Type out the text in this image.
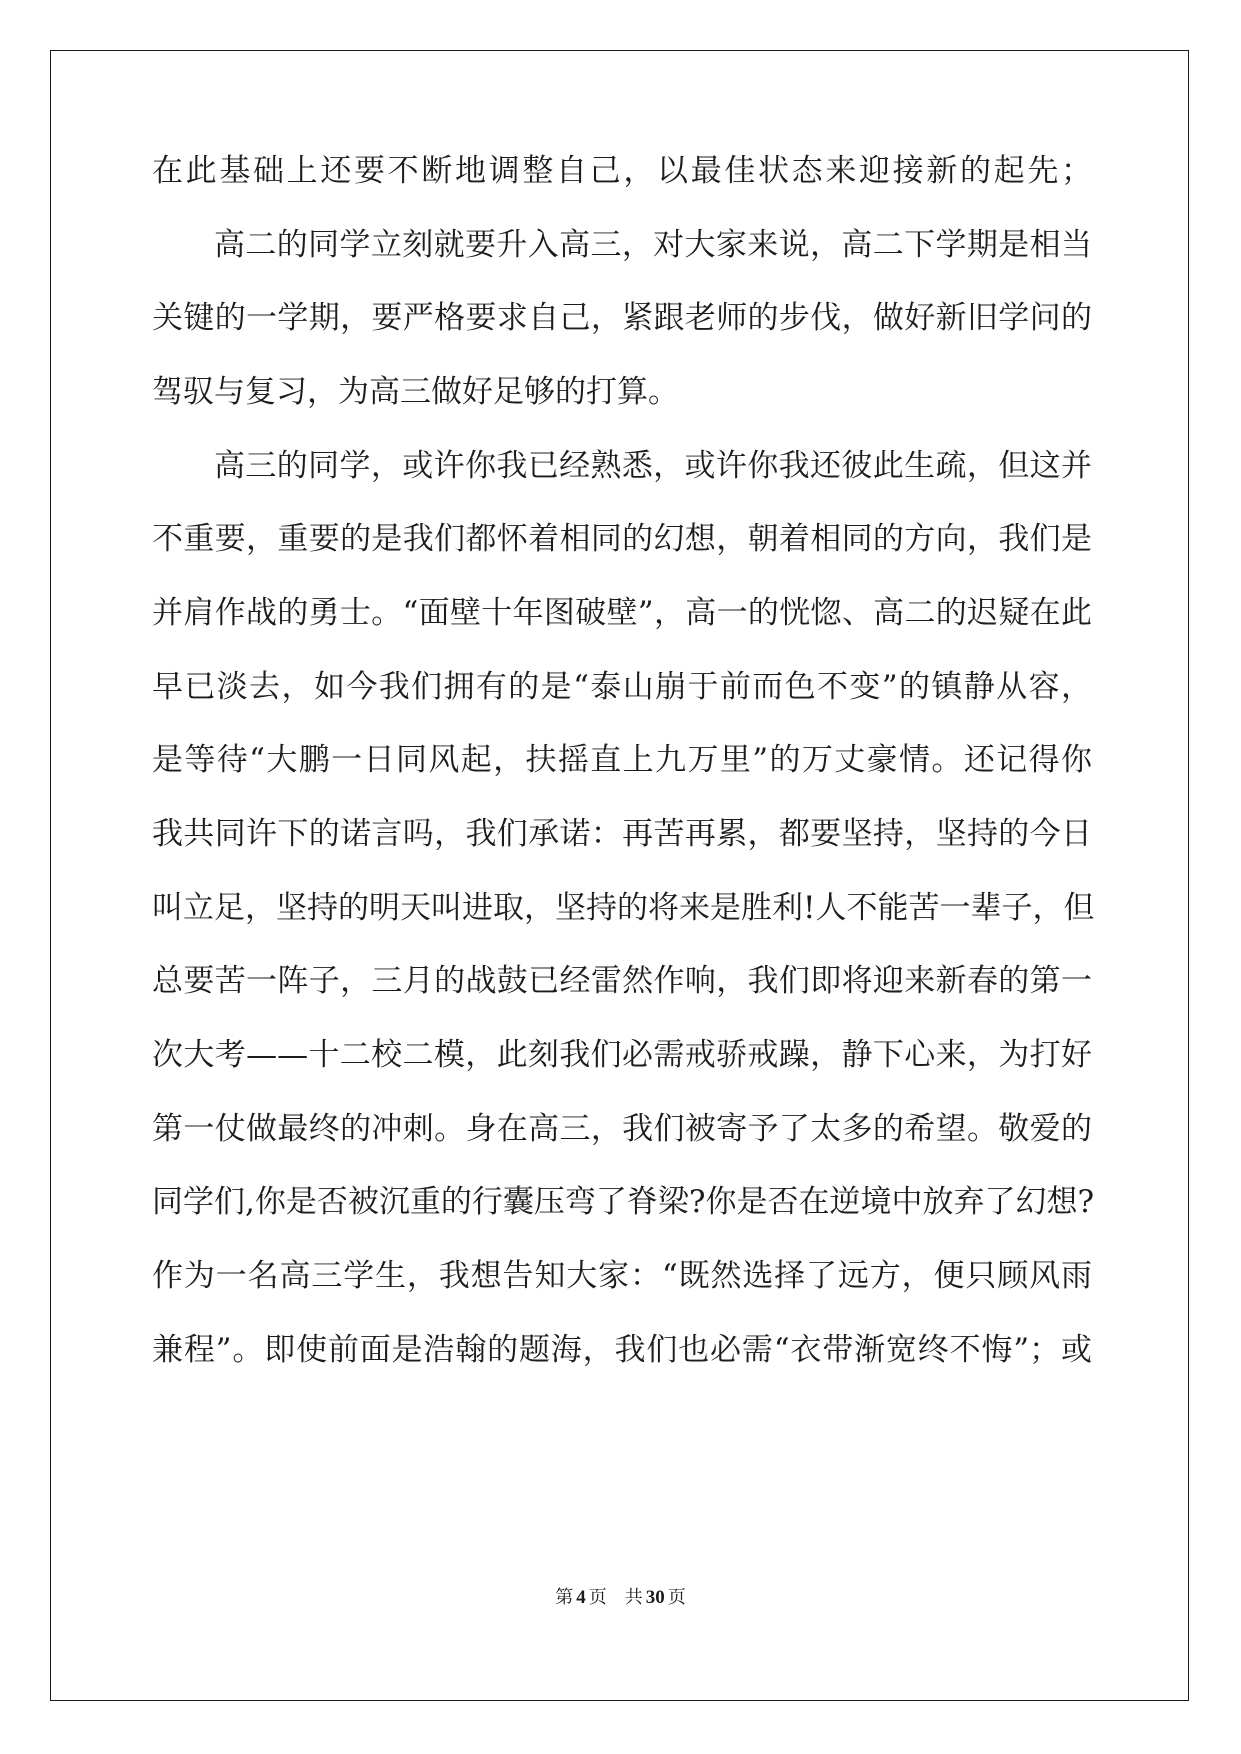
在此基础上还要不断地调整自己，以最佳状态来迎接新的起先；

高二的同学立刻就要升入高三，对大家来说，高二下学期是相当

关键的一学期，要严格要求自己，紧跟老师的步伐，做好新旧学问的

驾驭与复习，为高三做好足够的打算。

高三的同学，或许你我已经熟悉，或许你我还彼此生疏，但这并

不重要，重要的是我们都怀着相同的幻想，朝着相同的方向，我们是

并肩作战的勇士。“面壁十年图破壁”，高一的恍惚、高二的迟疑在此

早已淡去，如今我们拥有的是“泰山崩于前而色不变”的镇静从容，

是等待“大鹏一日同风起，扶摇直上九万里”的万丈豪情。还记得你

我共同许下的诺言吗，我们承诺：再苦再累，都要坚持，坚持的今日

叫立足，坚持的明天叫进取，坚持的将来是胜利!人不能苦一辈子，但

总要苦一阵子，三月的战鼓已经雷然作响，我们即将迎来新春的第一

次大考——十二校二模，此刻我们必需戒骄戒躁，静下心来，为打好

第一仗做最终的冲刺。身在高三，我们被寄予了太多的希望。敬爱的

同学们,你是否被沉重的行囊压弯了脊梁?你是否在逆境中放弃了幻想?

作为一名高三学生，我想告知大家：“既然选择了远方，便只顾风雨

兼程”。即使前面是浩翰的题海，我们也必需“衣带渐宽终不悔”；或

第 4 页 共 30 页
